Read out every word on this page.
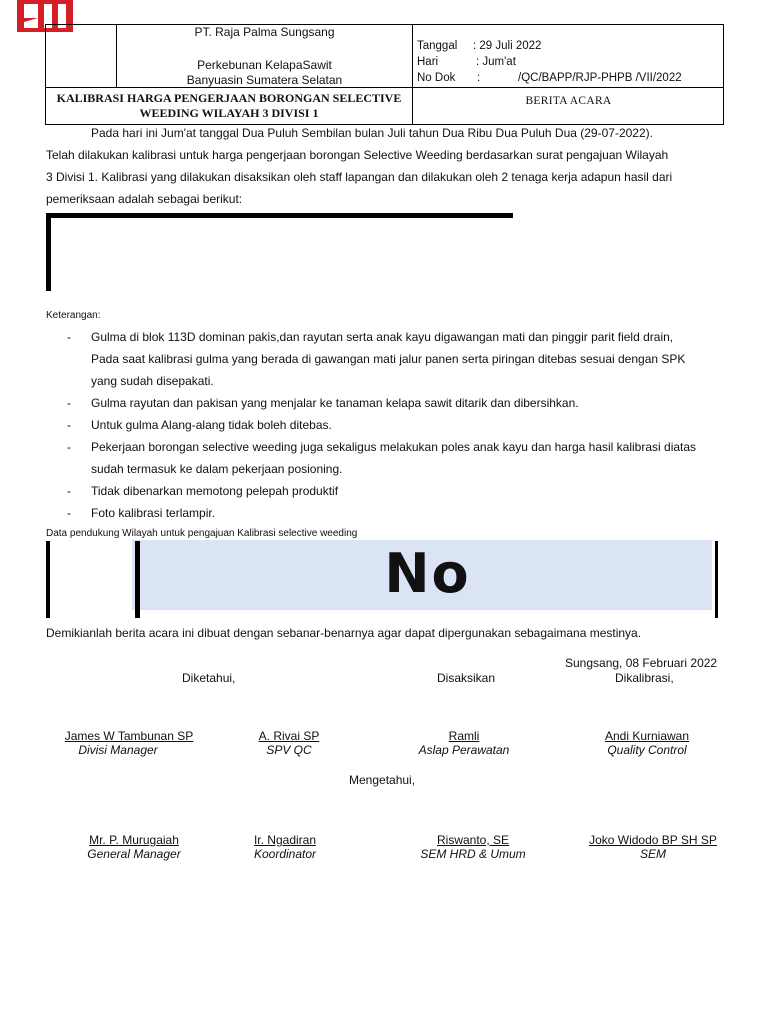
PT. Raja Palma Sungsang
Perkebunan KelapaSawit
Banyuasin Sumatera Selatan
Tanggal : 29 Juli 2022
Hari	: Jum'at
No Dok :	/QC/BAPP/RJP-PHPB /VII/2022
KALIBRASI HARGA PENGERJAAN BORONGAN SELECTIVE
WEEDING WILAYAH 3 DIVISI 1
BERITA ACARA
Pada hari ini Jum'at tanggal Dua Puluh Sembilan bulan Juli tahun Dua Ribu Dua Puluh Dua (29-07-2022).
Telah dilakukan kalibrasi untuk harga pengerjaan borongan Selective Weeding berdasarkan surat pengajuan Wilayah
3 Divisi 1. Kalibrasi yang dilakukan disaksikan oleh staff lapangan dan dilakukan oleh 2 tenaga kerja adapun hasil dari
pemeriksaan adalah sebagai berikut:
Keterangan:
- Gulma di blok 113D dominan pakis,dan rayutan serta anak kayu digawangan mati dan pinggir parit field drain,
Pada saat kalibrasi gulma yang berada di gawangan mati jalur panen serta piringan ditebas sesuai dengan SPK
yang sudah disepakati.
- Gulma rayutan dan pakisan yang menjalar ke tanaman kelapa sawit ditarik dan dibersihkan.
- Untuk gulma Alang-alang tidak boleh ditebas.
- Pekerjaan borongan selective weeding juga sekaligus melakukan poles anak kayu dan harga hasil kalibrasi diatas
sudah termasuk ke dalam pekerjaan posioning.
- Tidak dibenarkan memotong pelepah produktif
- Foto kalibrasi terlampir.
Data pendukung Wilayah untuk pengajuan Kalibrasi selective weeding
No
Demikianlah berita acara ini dibuat dengan sebanar-benarnya agar dapat dipergunakan sebagaimana mestinya.
Sungsang, 08 Februari 2022
Diketahui,	Disaksikan	Dikalibrasi,
James W Tambunan SP
Divisi Manager
A. Rivai SP
SPV QC
Ramli
Aslap Perawatan
Andi Kurniawan
Quality Control
Mengetahui,
Mr. P. Murugaiah
General Manager
Ir. Ngadiran
Koordinator
Riswanto, SE
SEM HRD & Umum
Joko Widodo BP SH SP
SEM
